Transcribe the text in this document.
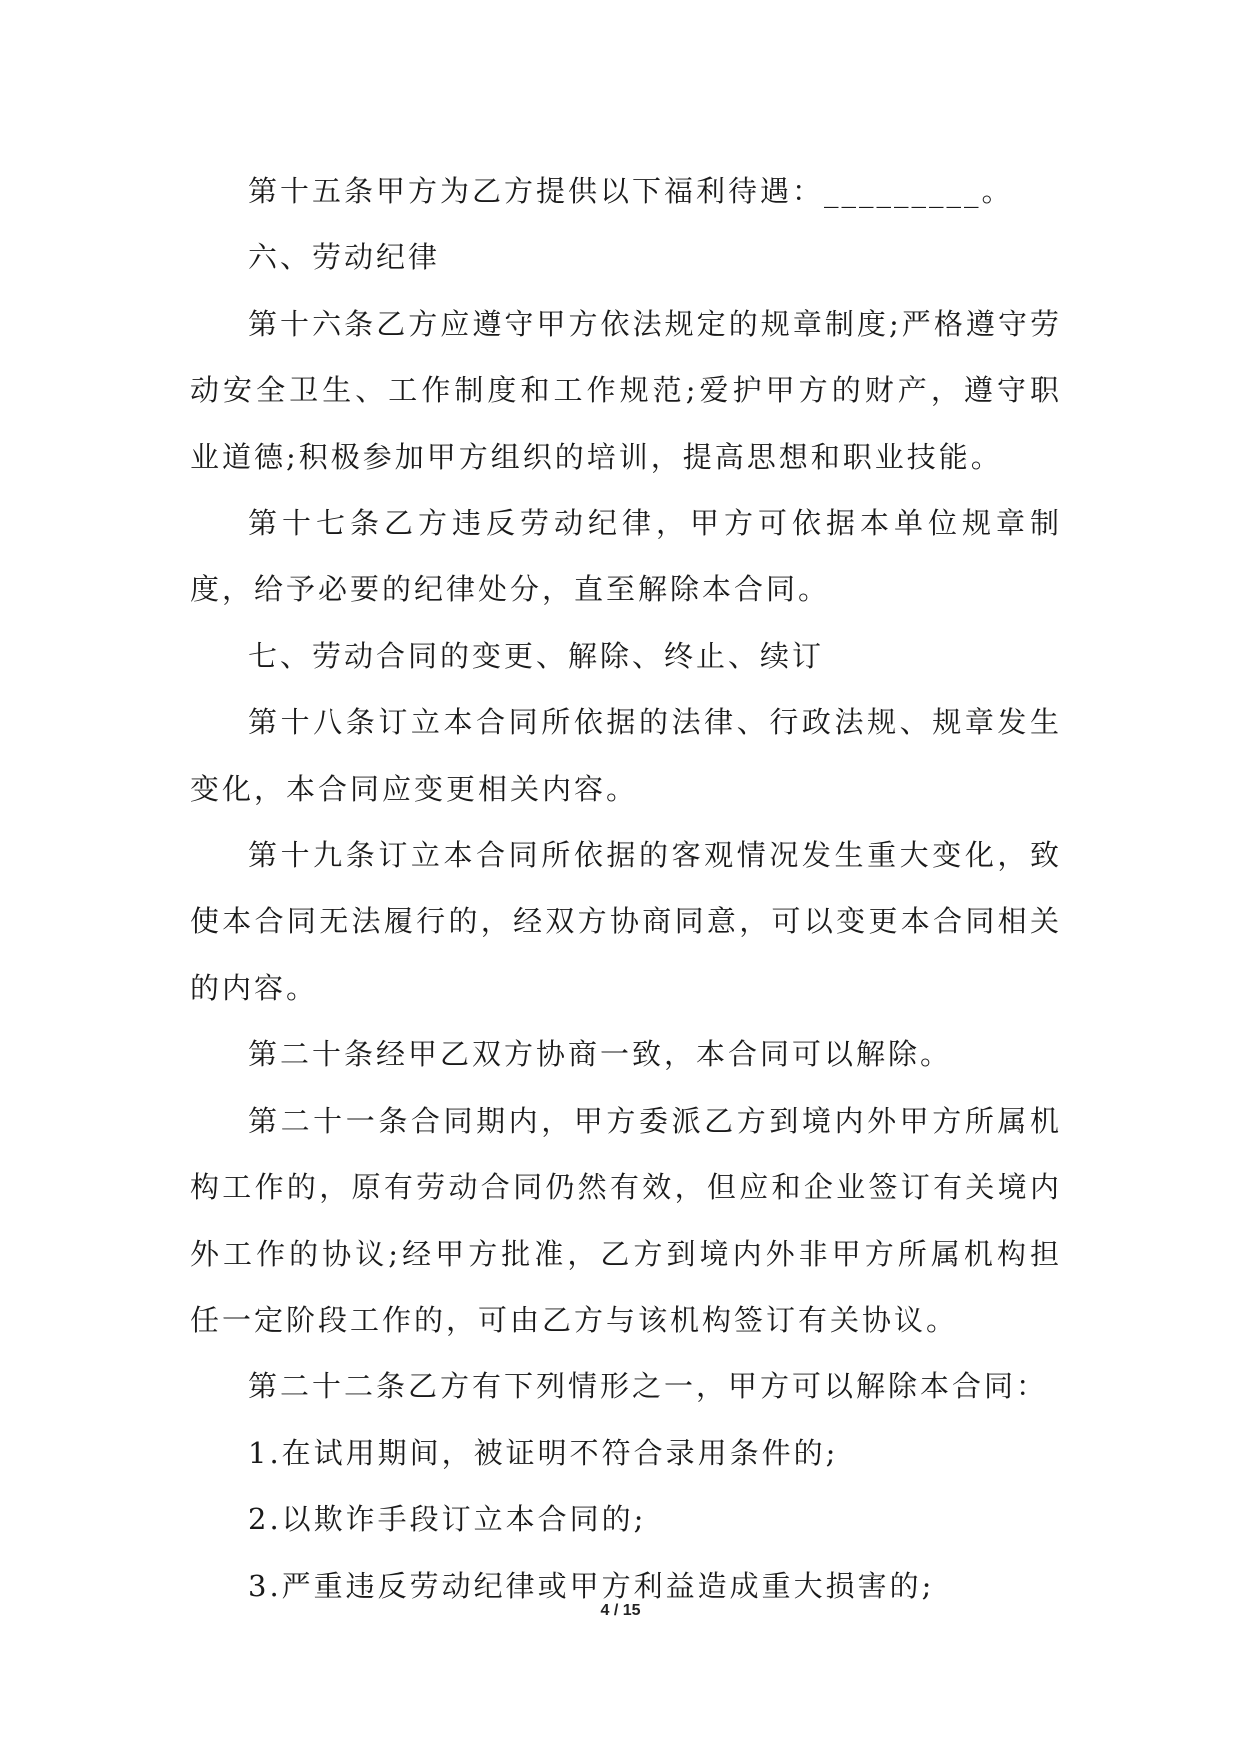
第十五条甲方为乙方提供以下福利待遇：_________。

六、劳动纪律

第十六条乙方应遵守甲方依法规定的规章制度;严格遵守劳动安全卫生、工作制度和工作规范;爱护甲方的财产，遵守职业道德;积极参加甲方组织的培训，提高思想和职业技能。

第十七条乙方违反劳动纪律，甲方可依据本单位规章制度，给予必要的纪律处分，直至解除本合同。

七、劳动合同的变更、解除、终止、续订

第十八条订立本合同所依据的法律、行政法规、规章发生变化，本合同应变更相关内容。

第十九条订立本合同所依据的客观情况发生重大变化，致使本合同无法履行的，经双方协商同意，可以变更本合同相关的内容。

第二十条经甲乙双方协商一致，本合同可以解除。

第二十一条合同期内，甲方委派乙方到境内外甲方所属机构工作的，原有劳动合同仍然有效，但应和企业签订有关境内外工作的协议;经甲方批准，乙方到境内外非甲方所属机构担任一定阶段工作的，可由乙方与该机构签订有关协议。

第二十二条乙方有下列情形之一，甲方可以解除本合同：

1.在试用期间，被证明不符合录用条件的;

2.以欺诈手段订立本合同的;

3.严重违反劳动纪律或甲方利益造成重大损害的;

4 / 15
